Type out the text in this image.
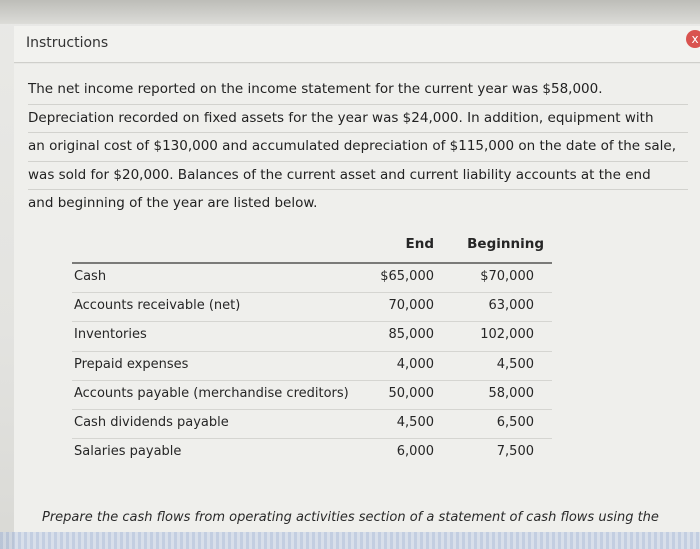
Instructions	x

The net income reported on the income statement for the current year was $58,000.

Depreciation recorded on fixed assets for the year was $24,000. In addition, equipment with

an original cost of $130,000 and accumulated depreciation of $115,000 on the date of the sale,

was sold for $20,000. Balances of the current asset and current liability accounts at the end

and beginning of the year are listed below.

End Beginning
Cash	$65,000	$70,000
Accounts receivable (net)	70,000	63,000
Inventories	85,000	102,000
Prepaid expenses	4,000	4,500
Accounts payable (merchandise creditors)	50,000	58,000
Cash dividends payable	4,500	6,500
Salaries payable	6,000	7,500
Prepare the cash flows from operating activities section of a statement of cash flows using the
